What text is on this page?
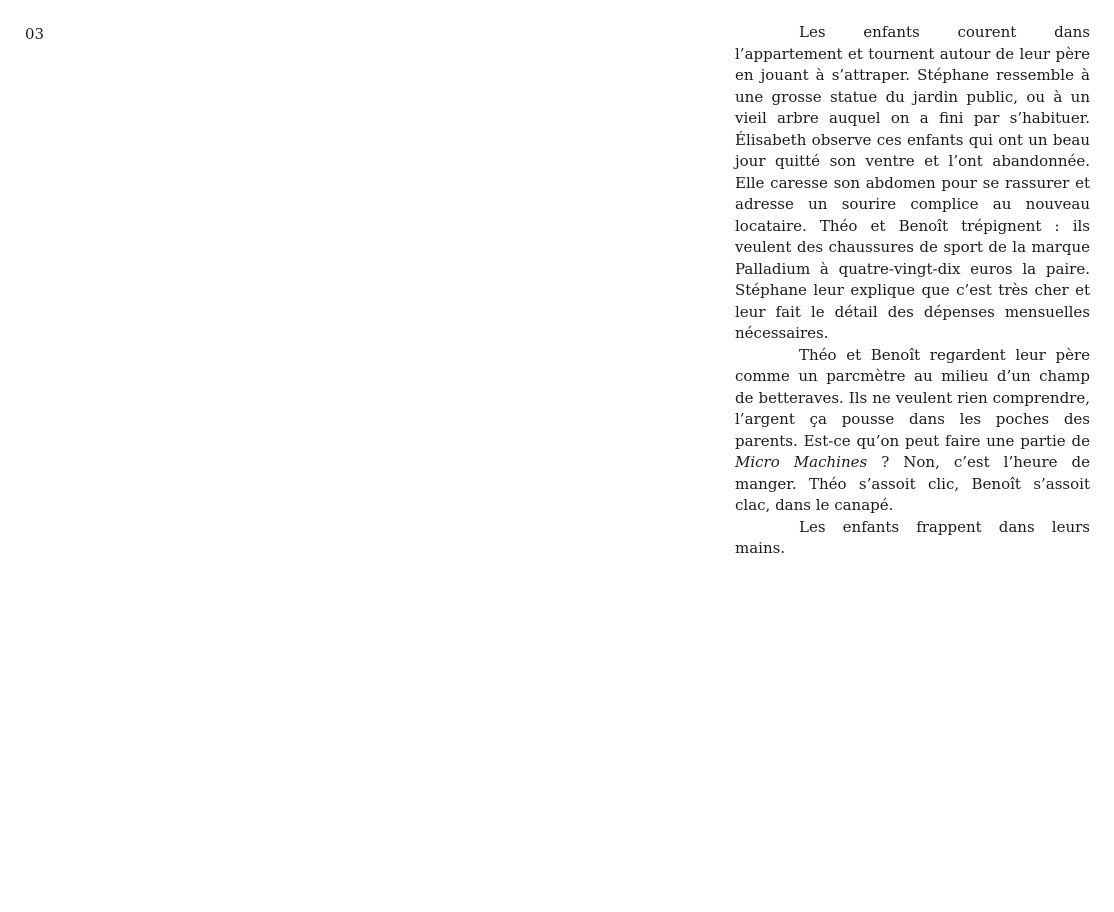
03	Les enfants courent dans l’appartement et tournent autour de leur père en jouant à s’attraper. Stéphane ressemble à une grosse statue du jardin public, ou à un vieil arbre auquel on a fini par s’habituer. Élisabeth observe ces enfants qui ont un beau jour quitté son ventre et l’ont abandonnée. Elle caresse son abdomen pour se rassurer et adresse un sourire complice au nouveau locataire. Théo et Benoît trépignent : ils veulent des chaussures de sport de la marque Palladium à quatre-vingt-dix euros la paire. Stéphane leur explique que c’est très cher et leur fait le détail des dépenses mensuelles nécessaires.

Théo et Benoît regardent leur père comme un parcmètre au milieu d’un champ de betteraves. Ils ne veulent rien comprendre, l’argent ça pousse dans les poches des parents. Est-ce qu’on peut faire une partie de Micro Machines ? Non, c’est l’heure de manger. Théo s’assoit clic, Benoît s’assoit clac, dans le canapé.

Les enfants frappent dans leurs mains.
